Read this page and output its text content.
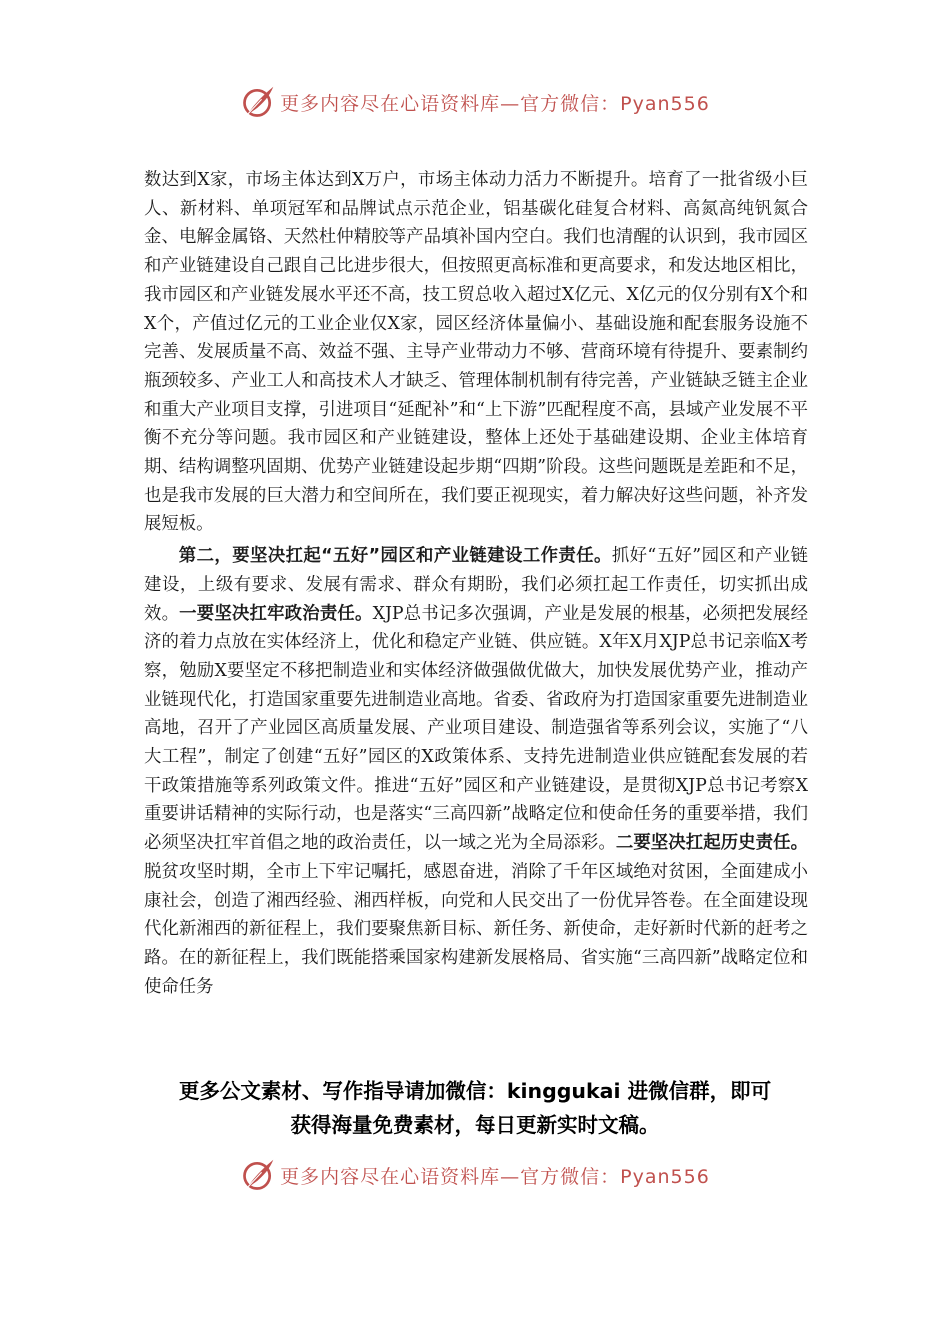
更多内容尽在心语资料库—官方微信：Pyan556

数达到X家，市场主体达到X万户，市场主体动力活力不断提升。培育了一批省级小巨人、新材料、单项冠军和品牌试点示范企业，铝基碳化硅复合材料、高氮高纯钒氮合金、电解金属铬、天然杜仲精胶等产品填补国内空白。我们也清醒的认识到，我市园区和产业链建设自己跟自己比进步很大，但按照更高标准和更高要求，和发达地区相比，我市园区和产业链发展水平还不高，技工贸总收入超过X亿元、X亿元的仅分别有X个和X个，产值过亿元的工业企业仅X家，园区经济体量偏小、基础设施和配套服务设施不完善、发展质量不高、效益不强、主导产业带动力不够、营商环境有待提升、要素制约瓶颈较多、产业工人和高技术人才缺乏、管理体制机制有待完善，产业链缺乏链主企业和重大产业项目支撑，引进项目“延配补”和“上下游”匹配程度不高，县域产业发展不平衡不充分等问题。我市园区和产业链建设，整体上还处于基础建设期、企业主体培育期、结构调整巩固期、优势产业链建设起步期“四期”阶段。这些问题既是差距和不足，也是我市发展的巨大潜力和空间所在，我们要正视现实，着力解决好这些问题，补齐发展短板。

第二，要坚决扛起“五好”园区和产业链建设工作责任。抓好“五好”园区和产业链建设，上级有要求、发展有需求、群众有期盼，我们必须扛起工作责任，切实抓出成效。一要坚决扛牢政治责任。XJP总书记多次强调，产业是发展的根基，必须把发展经济的着力点放在实体经济上，优化和稳定产业链、供应链。X年X月XJP总书记亲临X考察，勉励X要坚定不移把制造业和实体经济做强做优做大，加快发展优势产业，推动产业链现代化，打造国家重要先进制造业高地。省委、省政府为打造国家重要先进制造业高地，召开了产业园区高质量发展、产业项目建设、制造强省等系列会议，实施了“八大工程”，制定了创建“五好”园区的X政策体系、支持先进制造业供应链配套发展的若干政策措施等系列政策文件。推进“五好”园区和产业链建设，是贯彻XJP总书记考察X重要讲话精神的实际行动，也是落实“三高四新”战略定位和使命任务的重要举措，我们必须坚决扛牢首倡之地的政治责任，以一域之光为全局添彩。二要坚决扛起历史责任。脱贫攻坚时期，全市上下牢记嘱托，感恩奋进，消除了千年区域绝对贫困，全面建成小康社会，创造了湘西经验、湘西样板，向党和人民交出了一份优异答卷。在全面建设现代化新湘西的新征程上，我们要聚焦新目标、新任务、新使命，走好新时代新的赶考之路。在的新征程上，我们既能搭乘国家构建新发展格局、省实施“三高四新”战略定位和使命任务

更多公文素材、写作指导请加微信：kinggukai 进微信群，即可
获得海量免费素材，每日更新实时文稿。
更多内容尽在心语资料库—官方微信：Pyan556
